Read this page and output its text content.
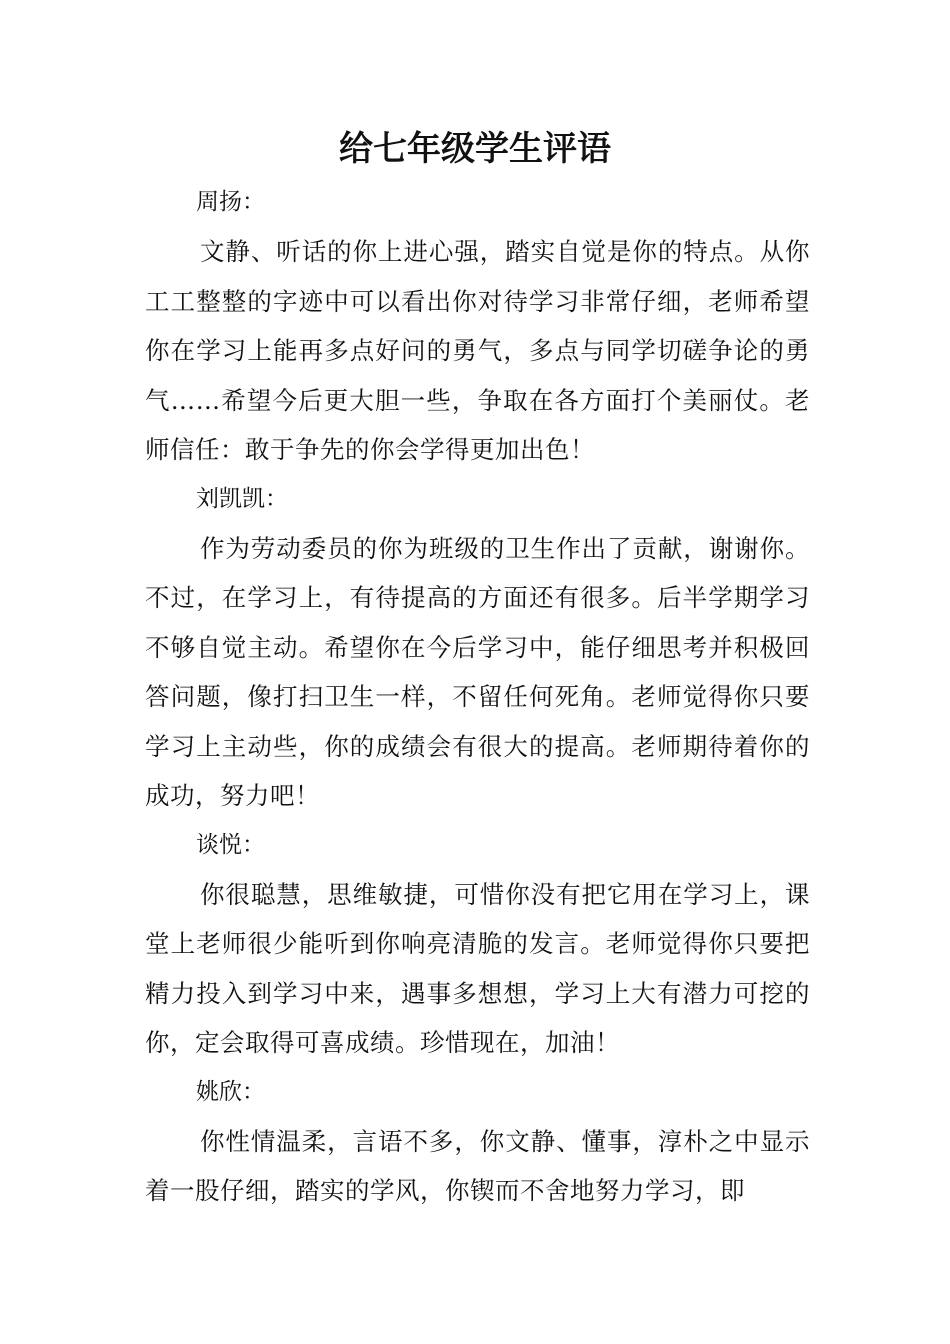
给七年级学生评语

周扬：

文静、听话的你上进心强，踏实自觉是你的特点。从你工工整整的字迹中可以看出你对待学习非常仔细，老师希望你在学习上能再多点好问的勇气，多点与同学切磋争论的勇气……希望今后更大胆一些，争取在各方面打个美丽仗。老师信任：敢于争先的你会学得更加出色！

刘凯凯：

作为劳动委员的你为班级的卫生作出了贡献，谢谢你。不过，在学习上，有待提高的方面还有很多。后半学期学习不够自觉主动。希望你在今后学习中，能仔细思考并积极回答问题，像打扫卫生一样，不留任何死角。老师觉得你只要学习上主动些，你的成绩会有很大的提高。老师期待着你的成功，努力吧！

谈悦：

你很聪慧，思维敏捷，可惜你没有把它用在学习上，课堂上老师很少能听到你响亮清脆的发言。老师觉得你只要把精力投入到学习中来，遇事多想想，学习上大有潜力可挖的你，定会取得可喜成绩。珍惜现在，加油！

姚欣：

你性情温柔，言语不多，你文静、懂事，淳朴之中显示着一股仔细，踏实的学风，你锲而不舍地努力学习，即
